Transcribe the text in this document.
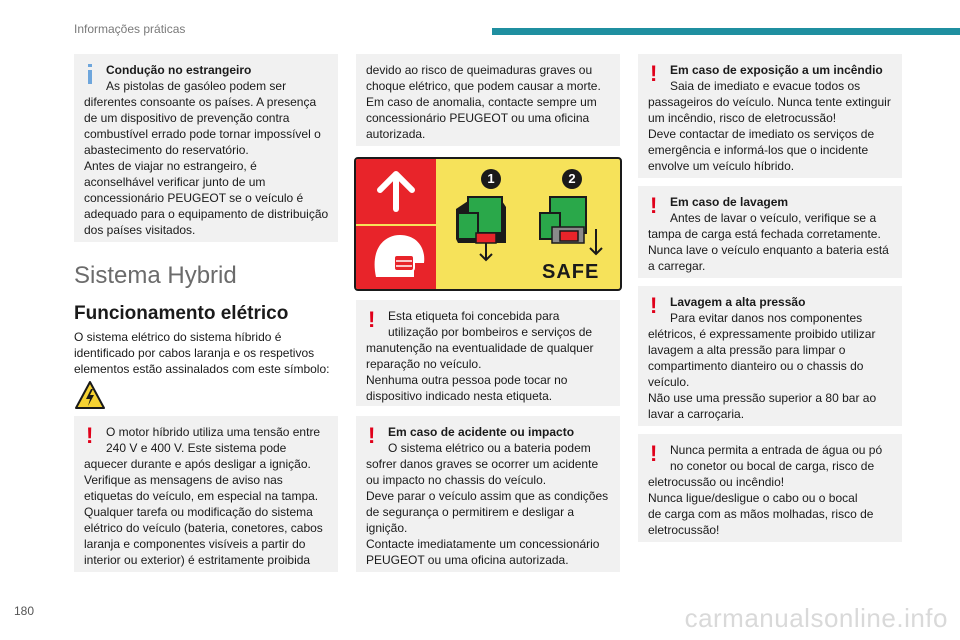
Informações práticas

Condução no estrangeiro

As pistolas de gasóleo podem ser

diferentes consoante os países. A presença

de um dispositivo de prevenção contra

combustível errado pode tornar impossível o

abastecimento do reservatório.

Antes de viajar no estrangeiro, é

aconselhável verificar junto de um

concessionário PEUGEOT se o veículo é

adequado para o equipamento de distribuição

dos países visitados.

Sistema Hybrid
Funcionamento elétrico
O sistema elétrico do sistema híbrido é
identificado por cabos laranja e os respetivos
elementos estão assinalados com este símbolo:
!	O motor híbrido utiliza uma tensão entre

240 V e 400 V. Este sistema pode

aquecer durante e após desligar a ignição.

Verifique as mensagens de aviso nas

etiquetas do veículo, em especial na tampa.

Qualquer tarefa ou modificação do sistema

elétrico do veículo (bateria, conetores, cabos

laranja e componentes visíveis a partir do

interior ou exterior) é estritamente proibida

devido ao risco de queimaduras graves ou

choque elétrico, que podem causar a morte.

Em caso de anomalia, contacte sempre um

concessionário PEUGEOT ou uma oficina

autorizada.

1	2
SAFE
!	Esta etiqueta foi concebida para

utilização por bombeiros e serviços de

manutenção na eventualidade de qualquer

reparação no veículo.

Nenhuma outra pessoa pode tocar no

dispositivo indicado nesta etiqueta.

!	Em caso de acidente ou impacto

O sistema elétrico ou a bateria podem

sofrer danos graves se ocorrer um acidente

ou impacto no chassis do veículo.

Deve parar o veículo assim que as condições

de segurança o permitirem e desligar a

ignição.

Contacte imediatamente um concessionário

PEUGEOT ou uma oficina autorizada.

!	Em caso de exposição a um incêndio

Saia de imediato e evacue todos os

passageiros do veículo. Nunca tente extinguir

um incêndio, risco de eletrocussão!

Deve contactar de imediato os serviços de

emergência e informá-los que o incidente

envolve um veículo híbrido.

!	Em caso de lavagem

Antes de lavar o veículo, verifique se a

tampa de carga está fechada corretamente.

Nunca lave o veículo enquanto a bateria está

a carregar.

!	Lavagem a alta pressão

Para evitar danos nos componentes

elétricos, é expressamente proibido utilizar

lavagem a alta pressão para limpar o

compartimento dianteiro ou o chassis do

veículo.

Não use uma pressão superior a 80 bar ao

lavar a carroçaria.

!	Nunca permita a entrada de água ou pó

no conetor ou bocal de carga, risco de

eletrocussão ou incêndio!

Nunca ligue/desligue o cabo ou o bocal

de carga com as mãos molhadas, risco de

eletrocussão!

180	carmanualsonline.info
